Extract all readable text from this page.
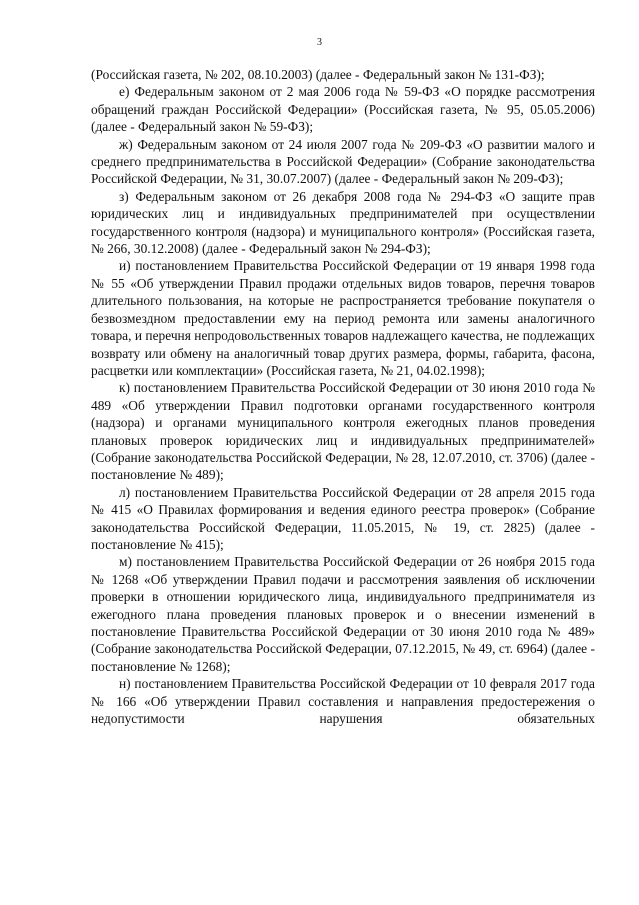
3

(Российская газета, № 202, 08.10.2003) (далее - Федеральный закон № 131-ФЗ);

е) Федеральным законом от 2 мая 2006 года № 59-ФЗ «О порядке рассмотрения обращений граждан Российской Федерации» (Российская газета, № 95, 05.05.2006) (далее - Федеральный закон № 59-ФЗ);

ж) Федеральным законом от 24 июля 2007 года № 209-ФЗ «О развитии малого и среднего предпринимательства в Российской Федерации» (Собрание законодательства Российской Федерации, № 31, 30.07.2007) (далее - Федеральный закон № 209-ФЗ);

з) Федеральным законом от 26 декабря 2008 года № 294-ФЗ «О защите прав юридических лиц и индивидуальных предпринимателей при осуществлении государственного контроля (надзора) и муниципального контроля» (Российская газета, № 266, 30.12.2008) (далее - Федеральный закон № 294-ФЗ);

и) постановлением Правительства Российской Федерации от 19 января 1998 года № 55 «Об утверждении Правил продажи отдельных видов товаров, перечня товаров длительного пользования, на которые не распространяется требование покупателя о безвозмездном предоставлении ему на период ремонта или замены аналогичного товара, и перечня непродовольственных товаров надлежащего качества, не подлежащих возврату или обмену на аналогичный товар других размера, формы, габарита, фасона, расцветки или комплектации» (Российская газета, № 21, 04.02.1998);

к) постановлением Правительства Российской Федерации от 30 июня 2010 года № 489 «Об утверждении Правил подготовки органами государственного контроля (надзора) и органами муниципального контроля ежегодных планов проведения плановых проверок юридических лиц и индивидуальных предпринимателей» (Собрание законодательства Российской Федерации, № 28, 12.07.2010, ст. 3706) (далее - постановление № 489);

л) постановлением Правительства Российской Федерации от 28 апреля 2015 года № 415 «О Правилах формирования и ведения единого реестра проверок» (Собрание законодательства Российской Федерации, 11.05.2015, № 19, ст. 2825) (далее - постановление № 415);

м) постановлением Правительства Российской Федерации от 26 ноября 2015 года № 1268 «Об утверждении Правил подачи и рассмотрения заявления об исключении проверки в отношении юридического лица, индивидуального предпринимателя из ежегодного плана проведения плановых проверок и о внесении изменений в постановление Правительства Российской Федерации от 30 июня 2010 года № 489» (Собрание законодательства Российской Федерации, 07.12.2015, № 49, ст. 6964) (далее - постановление № 1268);

н) постановлением Правительства Российской Федерации от 10 февраля 2017 года № 166 «Об утверждении Правил составления и направления предостережения о недопустимости нарушения обязательных
